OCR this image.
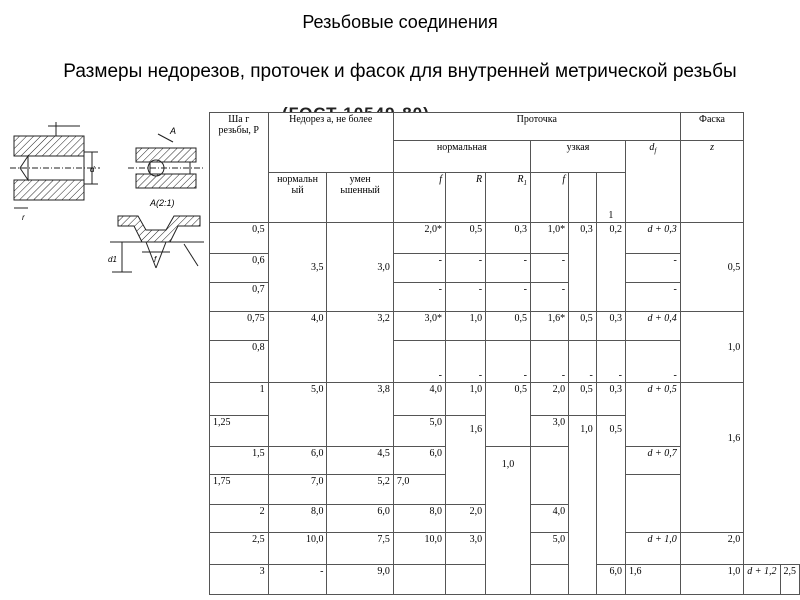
Резьбовые соединения
Размеры недорезов, проточек и фасок для внутренней метрической резьбы
d
r
A
A(2:1)
d1	f
Ша г резьбы, P	Недорез a, не более		Проточка							Фаска		
			нормальная			узкая			$d_f$	z		
	нормальн ый	умен ьшенный	f	R	$R_1$	f		1				
0,5	3,5	3,0	2,0*	0,5	0,3	1,0*	0,3	0,2	d + 0,3	0,5		
0,6			-	-	-	-			-			
0,7			-	-	-	-			-			
0,75	4,0	3,2	3,0*	1,0	0,5	1,6*	0,5	0,3	d + 0,4	1,0		
0,8			-	-	-	-	-	-	-			
1	5,0	3,8	4,0	1,0	0,5	2,0	0,5	0,3	d + 0,5	1,6		
1,25			5,0	1,6		3,0	1,0	0,5				
1,5	6,0	4,5	6,0		1,0				d + 0,7			
1,75	7,0	5,2	7,0									
2	8,0	6,0	8,0	2,0		4,0						
2,5	10,0	7,5	10,0	3,0		5,0			d + 1,0	2,0		
3	-	9,0						6,0	1,6	1,0	d + 1,2	2,5
